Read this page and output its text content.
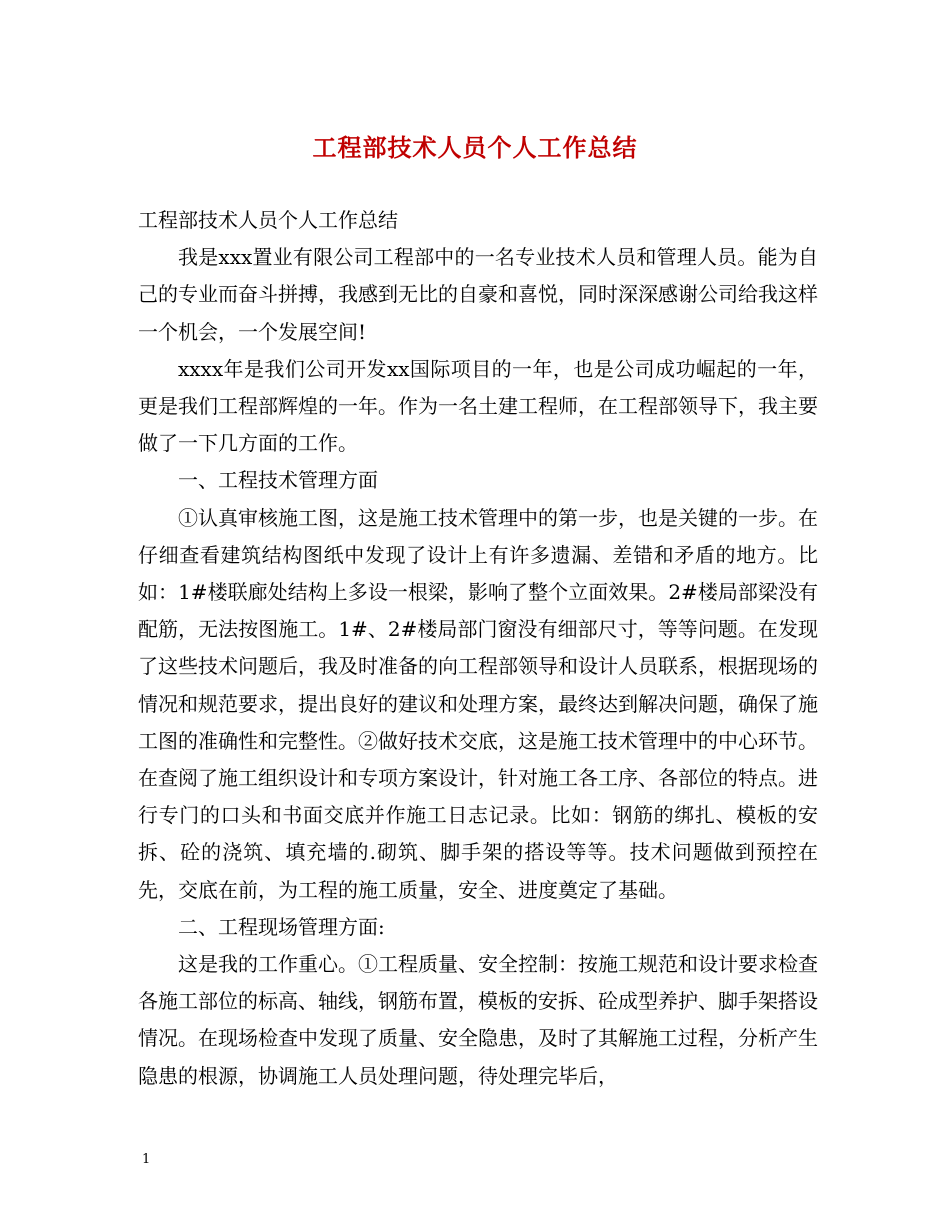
工程部技术人员个人工作总结

工程部技术人员个人工作总结

我是xxx置业有限公司工程部中的一名专业技术人员和管理人员。能为自己的专业而奋斗拼搏，我感到无比的自豪和喜悦，同时深深感谢公司给我这样一个机会，一个发展空间!

xxxx年是我们公司开发xx国际项目的一年，也是公司成功崛起的一年，更是我们工程部辉煌的一年。作为一名土建工程师，在工程部领导下，我主要做了一下几方面的工作。

一、工程技术管理方面

①认真审核施工图，这是施工技术管理中的第一步，也是关键的一步。在仔细查看建筑结构图纸中发现了设计上有许多遗漏、差错和矛盾的地方。比如：1#楼联廊处结构上多设一根梁，影响了整个立面效果。2#楼局部梁没有配筋，无法按图施工。1#、2#楼局部门窗没有细部尺寸，等等问题。在发现了这些技术问题后，我及时准备的向工程部领导和设计人员联系，根据现场的情况和规范要求，提出良好的建议和处理方案，最终达到解决问题，确保了施工图的准确性和完整性。②做好技术交底，这是施工技术管理中的中心环节。在查阅了施工组织设计和专项方案设计，针对施工各工序、各部位的特点。进行专门的口头和书面交底并作施工日志记录。比如：钢筋的绑扎、模板的安拆、砼的浇筑、填充墙的.砌筑、脚手架的搭设等等。技术问题做到预控在先，交底在前，为工程的施工质量，安全、进度奠定了基础。

二、工程现场管理方面:

这是我的工作重心。①工程质量、安全控制：按施工规范和设计要求检查各施工部位的标高、轴线，钢筋布置，模板的安拆、砼成型养护、脚手架搭设情况。在现场检查中发现了质量、安全隐患，及时了其解施工过程，分析产生隐患的根源，协调施工人员处理问题，待处理完毕后，

1
